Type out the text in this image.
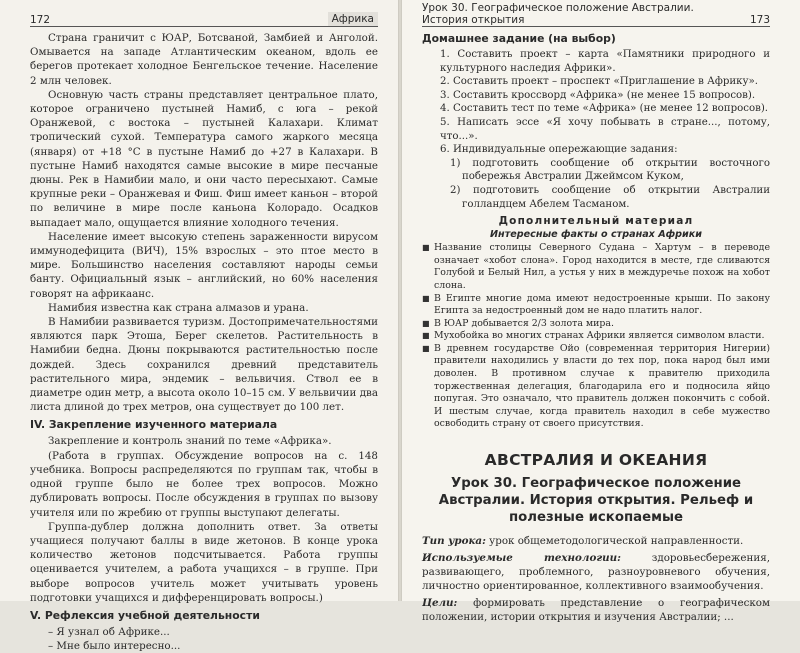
172	Африка

Страна граничит с ЮАР, Ботсваной, Замбией и Анголой. Омывается на западе Атлантическим океаном, вдоль ее берегов протекает холодное Бенгельское течение. Население 2 млн человек.

Основную часть страны представляет центральное плато, которое ограничено пустыней Намиб, с юга – рекой Оранжевой, с востока – пустыней Калахари. Климат тропический сухой. Температура самого жаркого месяца (января) от +18 °С в пустыне Намиб до +27 в Калахари. В пустыне Намиб находятся самые высокие в мире песчаные дюны. Рек в Намибии мало, и они часто пересыхают. Самые крупные реки – Оранжевая и Фиш. Фиш имеет каньон – второй по величине в мире после каньона Колорадо. Осадков выпадает мало, ощущается влияние холодного течения.

Население имеет высокую степень зараженности вирусом иммунодефицита (ВИЧ), 15% взрослых – это птое место в мире. Большинство населения составляют народы семьи банту. Официальный язык – английский, но 60% населения говорят на африкаанс.

Намибия известна как страна алмазов и урана.

В Намибии развивается туризм. Достопримечательностями являются парк Этоша, Берег скелетов. Растительность в Намибии бедна. Дюны покрываются растительностью после дождей. Здесь сохранился древний представитель растительного мира, эндемик – вельвичия. Ствол ее в диаметре один метр, а высота около 10–15 см. У вельвичии два листа длиной до трех метров, она существует до 100 лет.

IV. Закрепление изученного материала

Закрепление и контроль знаний по теме «Африка».

(Работа в группах. Обсуждение вопросов на с. 148 учебника. Вопросы распределяются по группам так, чтобы в одной группе было не более трех вопросов. Можно дублировать вопросы. После обсуждения в группах по вызову учителя или по жребию от группы выступают делегаты.

Группа-дублер должна дополнить ответ. За ответы учащиеся получают баллы в виде жетонов. В конце урока количество жетонов подсчитывается. Работа группы оценивается учителем, а работа учащихся – в группе. При выборе вопросов учитель может учитывать уровень подготовки учащихся и дифференцировать вопросы.)

V. Рефлексия учебной деятельности

– Я узнал об Африке...

– Мне было интересно...

Урок 30. Географическое положение Австралии. История открытия	173
Домашнее задание (на выбор)
1. Составить проект – карта «Памятники природного и культурного наследия Африки».
2. Составить проект – проспект «Приглашение в Африку».
3. Составить кроссворд «Африка» (не менее 15 вопросов).
4. Составить тест по теме «Африка» (не менее 12 вопросов).
5. Написать эссе «Я хочу побывать в стране..., потому, что...».
6. Индивидуальные опережающие задания:
1) подготовить сообщение об открытии восточного побережья Австралии Джеймсом Куком,
2) подготовить сообщение об открытии Австралии голландцем Абелем Тасманом.
Дополнительный материал
Интересные факты о странах Африки
■ Название столицы Северного Судана – Хартум – в переводе означает «хобот слона». Город находится в месте, где сливаются Голубой и Белый Нил, а устья у них в междуречье похож на хобот слона.
■ В Египте многие дома имеют недостроенные крыши. По закону Египта за недостроенный дом не надо платить налог.
■ В ЮАР добывается 2/3 золота мира.
■ Мухобойка во многих странах Африки является символом власти.
■ В древнем государстве Ойо (современная территория Нигерии) правители находились у власти до тех пор, пока народ был ими доволен. В противном случае к правителю приходила торжественная делегация, благодарила его и подносила яйцо попугая. Это означало, что правитель должен покончить с собой. И шестым случае, когда правитель находил в себе мужество освободить страну от своего присутствия.
АВСТРАЛИЯ И ОКЕАНИЯ
Урок 30. Географическое положение Австралии. История открытия. Рельеф и полезные ископаемые

Тип урока: урок общеметодологической направленности.

Используемые технологии:	здоровьесбережения, развивающего, проблемного, разноуровневого обучения, личностно ориентированное, коллективного взаимообучения.

Цели: формировать представление о географическом положении, истории открытия и изучения Австралии; ...
